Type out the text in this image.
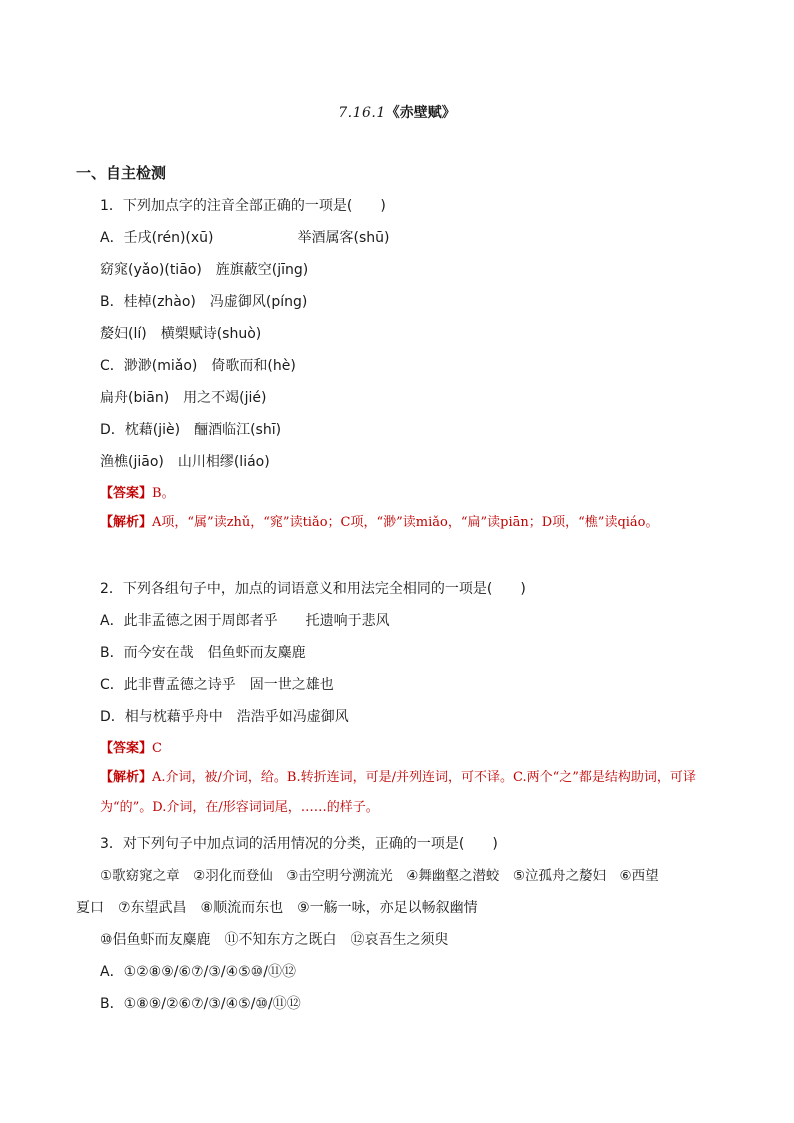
7.16.1《赤壁赋》
一、自主检测
1．下列加点字的注音全部正确的一项是(　　)
A．壬戌(rén)(xū)　　　　　　举酒属客(shū)
窈窕(yǎo)(tiāo)　旌旗蔽空(jīng)
B．桂棹(zhào)　冯虚御风(píng)
嫠妇(lí)　横槊赋诗(shuò)
C．渺渺(miǎo)　倚歌而和(hè)
扁舟(biān)　用之不竭(jié)
D．枕藉(jiè)　酾酒临江(shī)
渔樵(jiāo)　山川相缪(liáo)
【答案】B。
【解析】A项，“属”读zhǔ，“窕”读tiǎo；C项，“渺”读miǎo，“扁”读piān；D项，“樵”读qiáo。
2．下列各组句子中，加点的词语意义和用法完全相同的一项是(　　)
A．此非孟德之困于周郎者乎　　托遗响于悲风
B．而今安在哉　侣鱼虾而友麋鹿
C．此非曹孟德之诗乎　固一世之雄也
D．相与枕藉乎舟中　浩浩乎如冯虚御风
【答案】C
【解析】A.介词，被/介词，给。B.转折连词，可是/并列连词，可不译。C.两个“之”都是结构助词，可译为“的”。D.介词，在/形容词词尾，……的样子。
3．对下列句子中加点词的活用情况的分类，正确的一项是(　　)
①歌窈窕之章　②羽化而登仙　③击空明兮溯流光　④舞幽壑之潜蛟　⑤泣孤舟之嫠妇　⑥西望
夏口　⑦东望武昌　⑧顺流而东也　⑨一觞一咏，亦足以畅叙幽情
⑩侣鱼虾而友麋鹿　⑪不知东方之既白　⑫哀吾生之须臾
A．①②⑧⑨/⑥⑦/③/④⑤⑩/⑪⑫
B．①⑧⑨/②⑥⑦/③/④⑤/⑩/⑪⑫
